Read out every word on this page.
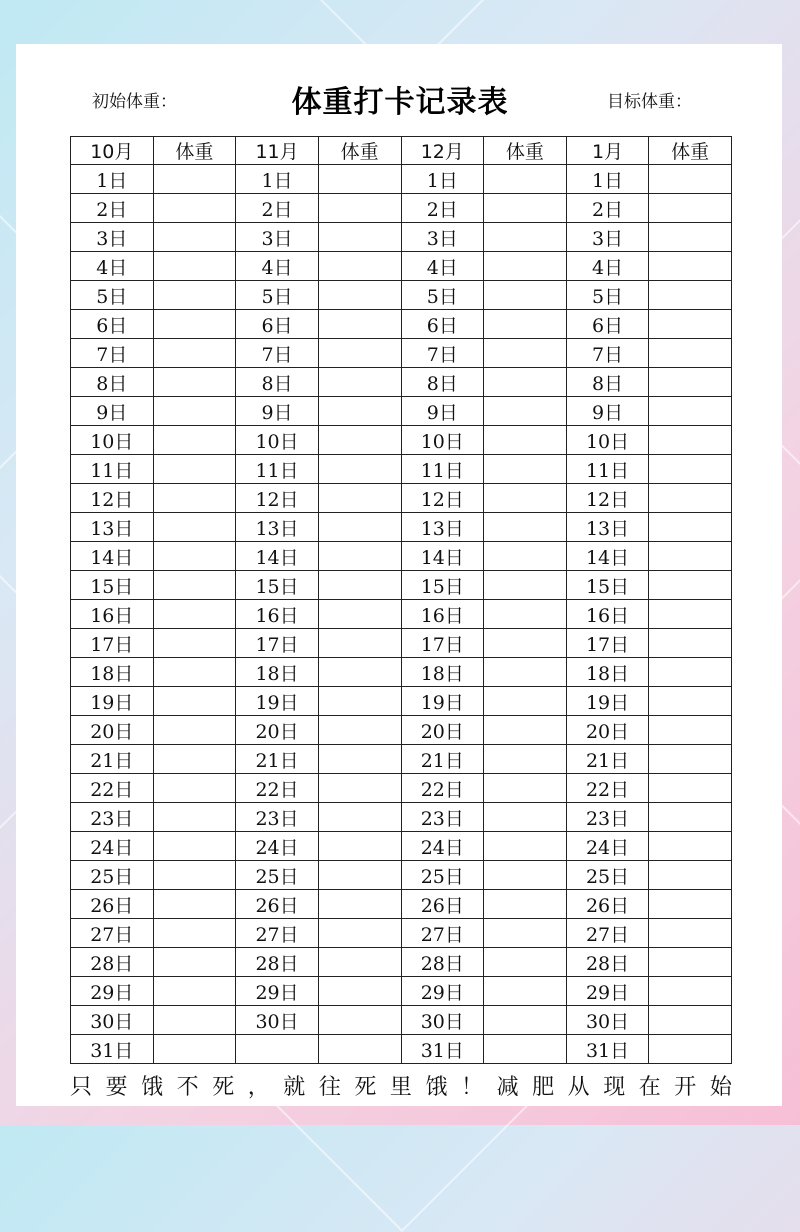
初始体重：	体重打卡记录表	目标体重：
10月	体重	11月	体重	12月	体重	1月	体重
1日		1日		1日		1日	
2日		2日		2日		2日	
3日		3日		3日		3日	
4日		4日		4日		4日	
5日		5日		5日		5日	
6日		6日		6日		6日	
7日		7日		7日		7日	
8日		8日		8日		8日	
9日		9日		9日		9日	
10日		10日		10日		10日	
11日		11日		11日		11日	
12日		12日		12日		12日	
13日		13日		13日		13日	
14日		14日		14日		14日	
15日		15日		15日		15日	
16日		16日		16日		16日	
17日		17日		17日		17日	
18日		18日		18日		18日	
19日		19日		19日		19日	
20日		20日		20日		20日	
21日		21日		21日		21日	
22日		22日		22日		22日	
23日		23日		23日		23日	
24日		24日		24日		24日	
25日		25日		25日		25日	
26日		26日		26日		26日	
27日		27日		27日		27日	
28日		28日		28日		28日	
29日		29日		29日		29日	
30日		30日		30日		30日	
31日				31日		31日	
只 要 饿 不 死 ， 就 往 死 里 饿 ！ 减 肥 从 现 在 开 始
